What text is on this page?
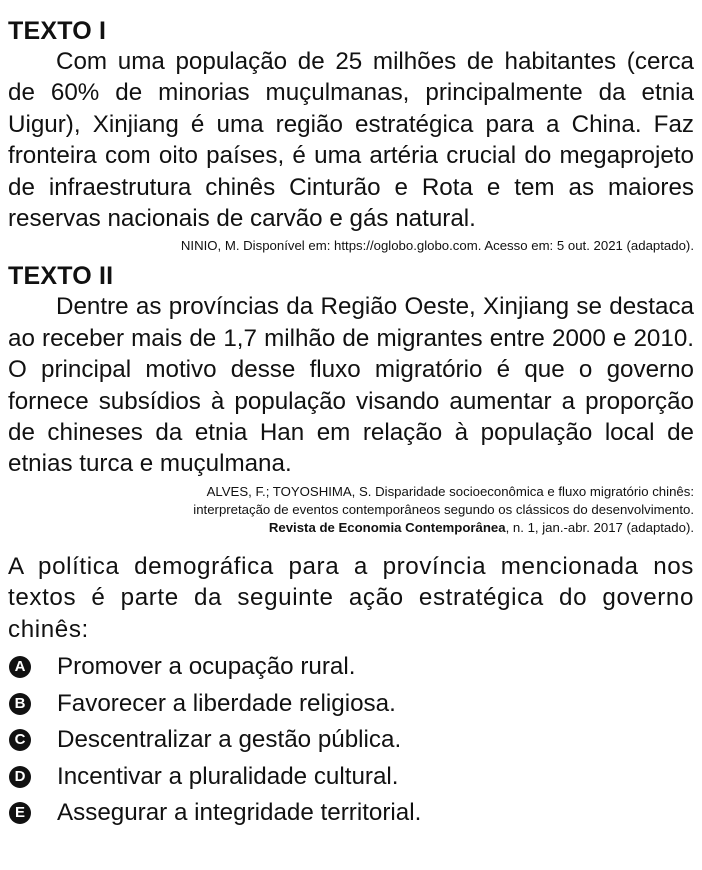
TEXTO I

Com uma população de 25 milhões de habitantes (cerca de 60% de minorias muçulmanas, principalmente da etnia Uigur), Xinjiang é uma região estratégica para a China. Faz fronteira com oito países, é uma artéria crucial do megaprojeto de infraestrutura chinês Cinturão e Rota e tem as maiores reservas nacionais de carvão e gás natural.

NINIO, M. Disponível em: https://oglobo.globo.com. Acesso em: 5 out. 2021 (adaptado).

TEXTO II

Dentre as províncias da Região Oeste, Xinjiang se destaca ao receber mais de 1,7 milhão de migrantes entre 2000 e 2010. O principal motivo desse fluxo migratório é que o governo fornece subsídios à população visando aumentar a proporção de chineses da etnia Han em relação à população local de etnias turca e muçulmana.

ALVES, F.; TOYOSHIMA, S. Disparidade socioeconômica e fluxo migratório chinês:
interpretação de eventos contemporâneos segundo os clássicos do desenvolvimento.
Revista de Economia Contemporânea, n. 1, jan.-abr. 2017 (adaptado).

A política demográfica para a província mencionada nos textos é parte da seguinte ação estratégica do governo chinês:

A Promover a ocupação rural.
B Favorecer a liberdade religiosa.
C Descentralizar a gestão pública.
D Incentivar a pluralidade cultural.
E Assegurar a integridade territorial.
